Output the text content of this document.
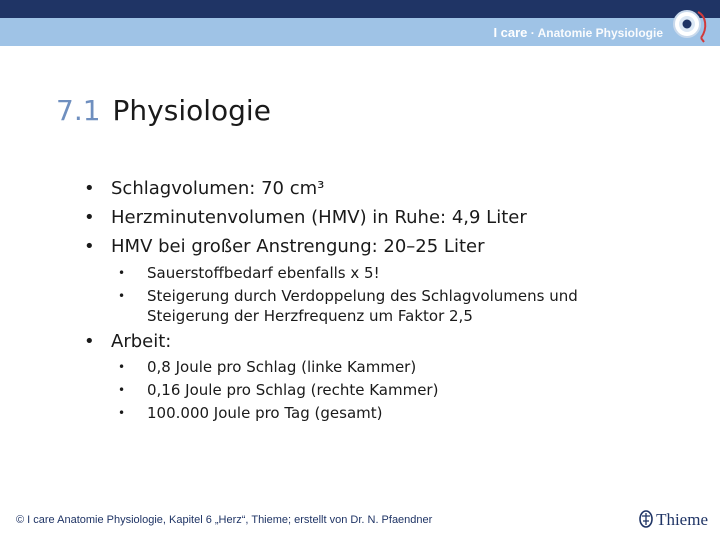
I care · Anatomie Physiologie
7.1 Physiologie
• Schlagvolumen: 70 cm³
• Herzminutenvolumen (HMV) in Ruhe: 4,9 Liter
• HMV bei großer Anstrengung: 20–25 Liter
• Sauerstoffbedarf ebenfalls x 5!
• Steigerung durch Verdoppelung des Schlagvolumens und
Steigerung der Herzfrequenz um Faktor 2,5
• Arbeit:
• 0,8 Joule pro Schlag (linke Kammer)
• 0,16 Joule pro Schlag (rechte Kammer)
• 100.000 Joule pro Tag (gesamt)
© I care Anatomie Physiologie, Kapitel 6 „Herz“, Thieme; erstellt von Dr. N. Pfaendner	Thieme
